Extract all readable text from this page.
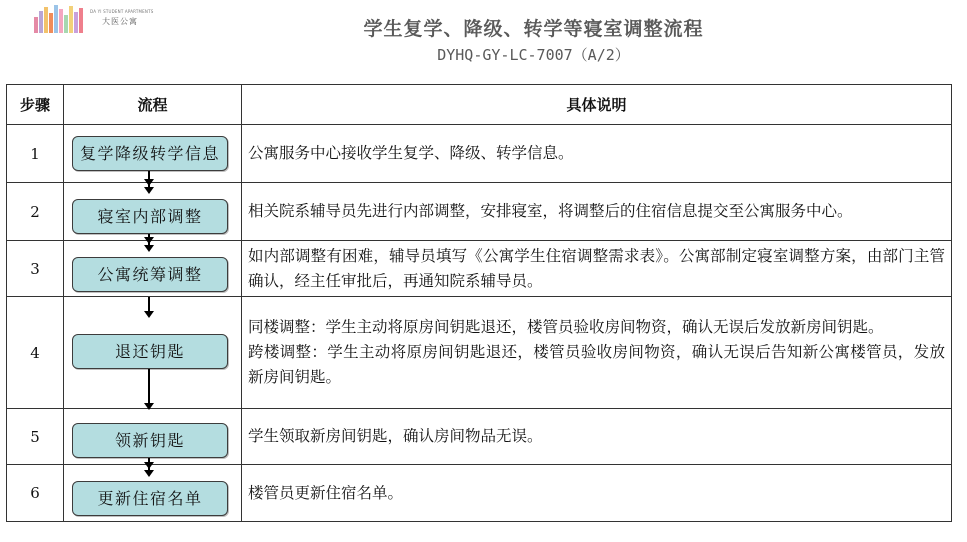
DA YI STUDENT APARTMENTS
大医公寓	学生复学、降级、转学等寝室调整流程
DYHQ-GY-LC-7007（A/2）
步骤	流程	具体说明
1	复学降级转学信息	公寓服务中心接收学生复学、降级、转学信息。

2	寝室内部调整	相关院系辅导员先进行内部调整，安排寝室，将调整后的住宿信息提交至公寓服务中心。

3	公寓统筹调整	如内部调整有困难，辅导员填写《公寓学生住宿调整需求表》。公寓部制定寝室调整方案，由部门主管确认，经主任审批后，再通知院系辅导员。

4	退还钥匙	同楼调整：学生主动将原房间钥匙退还，楼管员验收房间物资，确认无误后发放新房间钥匙。

跨楼调整：学生主动将原房间钥匙退还，楼管员验收房间物资，确认无误后告知新公寓楼管员，发放新房间钥匙。

5	领新钥匙	学生领取新房间钥匙，确认房间物品无误。

6	更新住宿名单	楼管员更新住宿名单。
